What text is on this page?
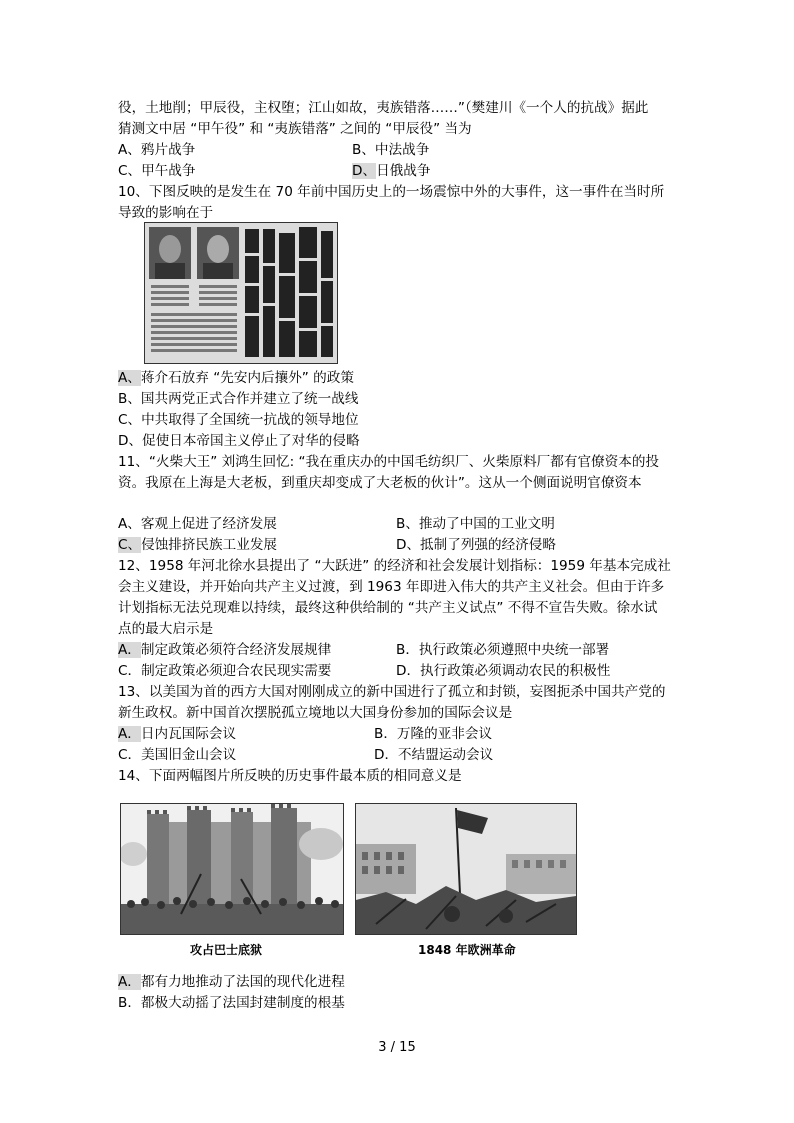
役，土地削；甲辰役，主权堕；江山如故，夷族错落……”（樊建川《一个人的抗战》据此
猜测文中居 “甲午役” 和 “夷族错落” 之间的 “甲辰役” 当为
A、鸦片战争	B、中法战争
C、甲午战争	D、日俄战争
10、下图反映的是发生在 70 年前中国历史上的一场震惊中外的大事件，这一事件在当时所
导致的影响在于
A、蒋介石放弃 “先安内后攘外” 的政策
B、国共两党正式合作并建立了统一战线
C、中共取得了全国统一抗战的领导地位
D、促使日本帝国主义停止了对华的侵略
11、“火柴大王” 刘鸿生回忆: “我在重庆办的中国毛纺织厂、火柴原料厂都有官僚资本的投
资。我原在上海是大老板，到重庆却变成了大老板的伙计”。这从一个侧面说明官僚资本
A、客观上促进了经济发展	B、推动了中国的工业文明
C、侵蚀排挤民族工业发展	D、抵制了列强的经济侵略
12、1958 年河北徐水县提出了 “大跃进” 的经济和社会发展计划指标：1959 年基本完成社
会主义建设，并开始向共产主义过渡，到 1963 年即进入伟大的共产主义社会。但由于许多
计划指标无法兑现难以持续，最终这种供给制的 “共产主义试点” 不得不宣告失败。徐水试
点的最大启示是
A．制定政策必须符合经济发展规律	B．执行政策必须遵照中央统一部署
C．制定政策必须迎合农民现实需要	D．执行政策必须调动农民的积极性
13、以美国为首的西方大国对刚刚成立的新中国进行了孤立和封锁，妄图扼杀中国共产党的
新生政权。新中国首次摆脱孤立境地以大国身份参加的国际会议是
A．日内瓦国际会议	B．万隆的亚非会议
C．美国旧金山会议	D．不结盟运动会议
14、下面两幅图片所反映的历史事件最本质的相同意义是
攻占巴士底狱	1848 年欧洲革命
A．都有力地推动了法国的现代化进程
B．都极大动摇了法国封建制度的根基
3 / 15
